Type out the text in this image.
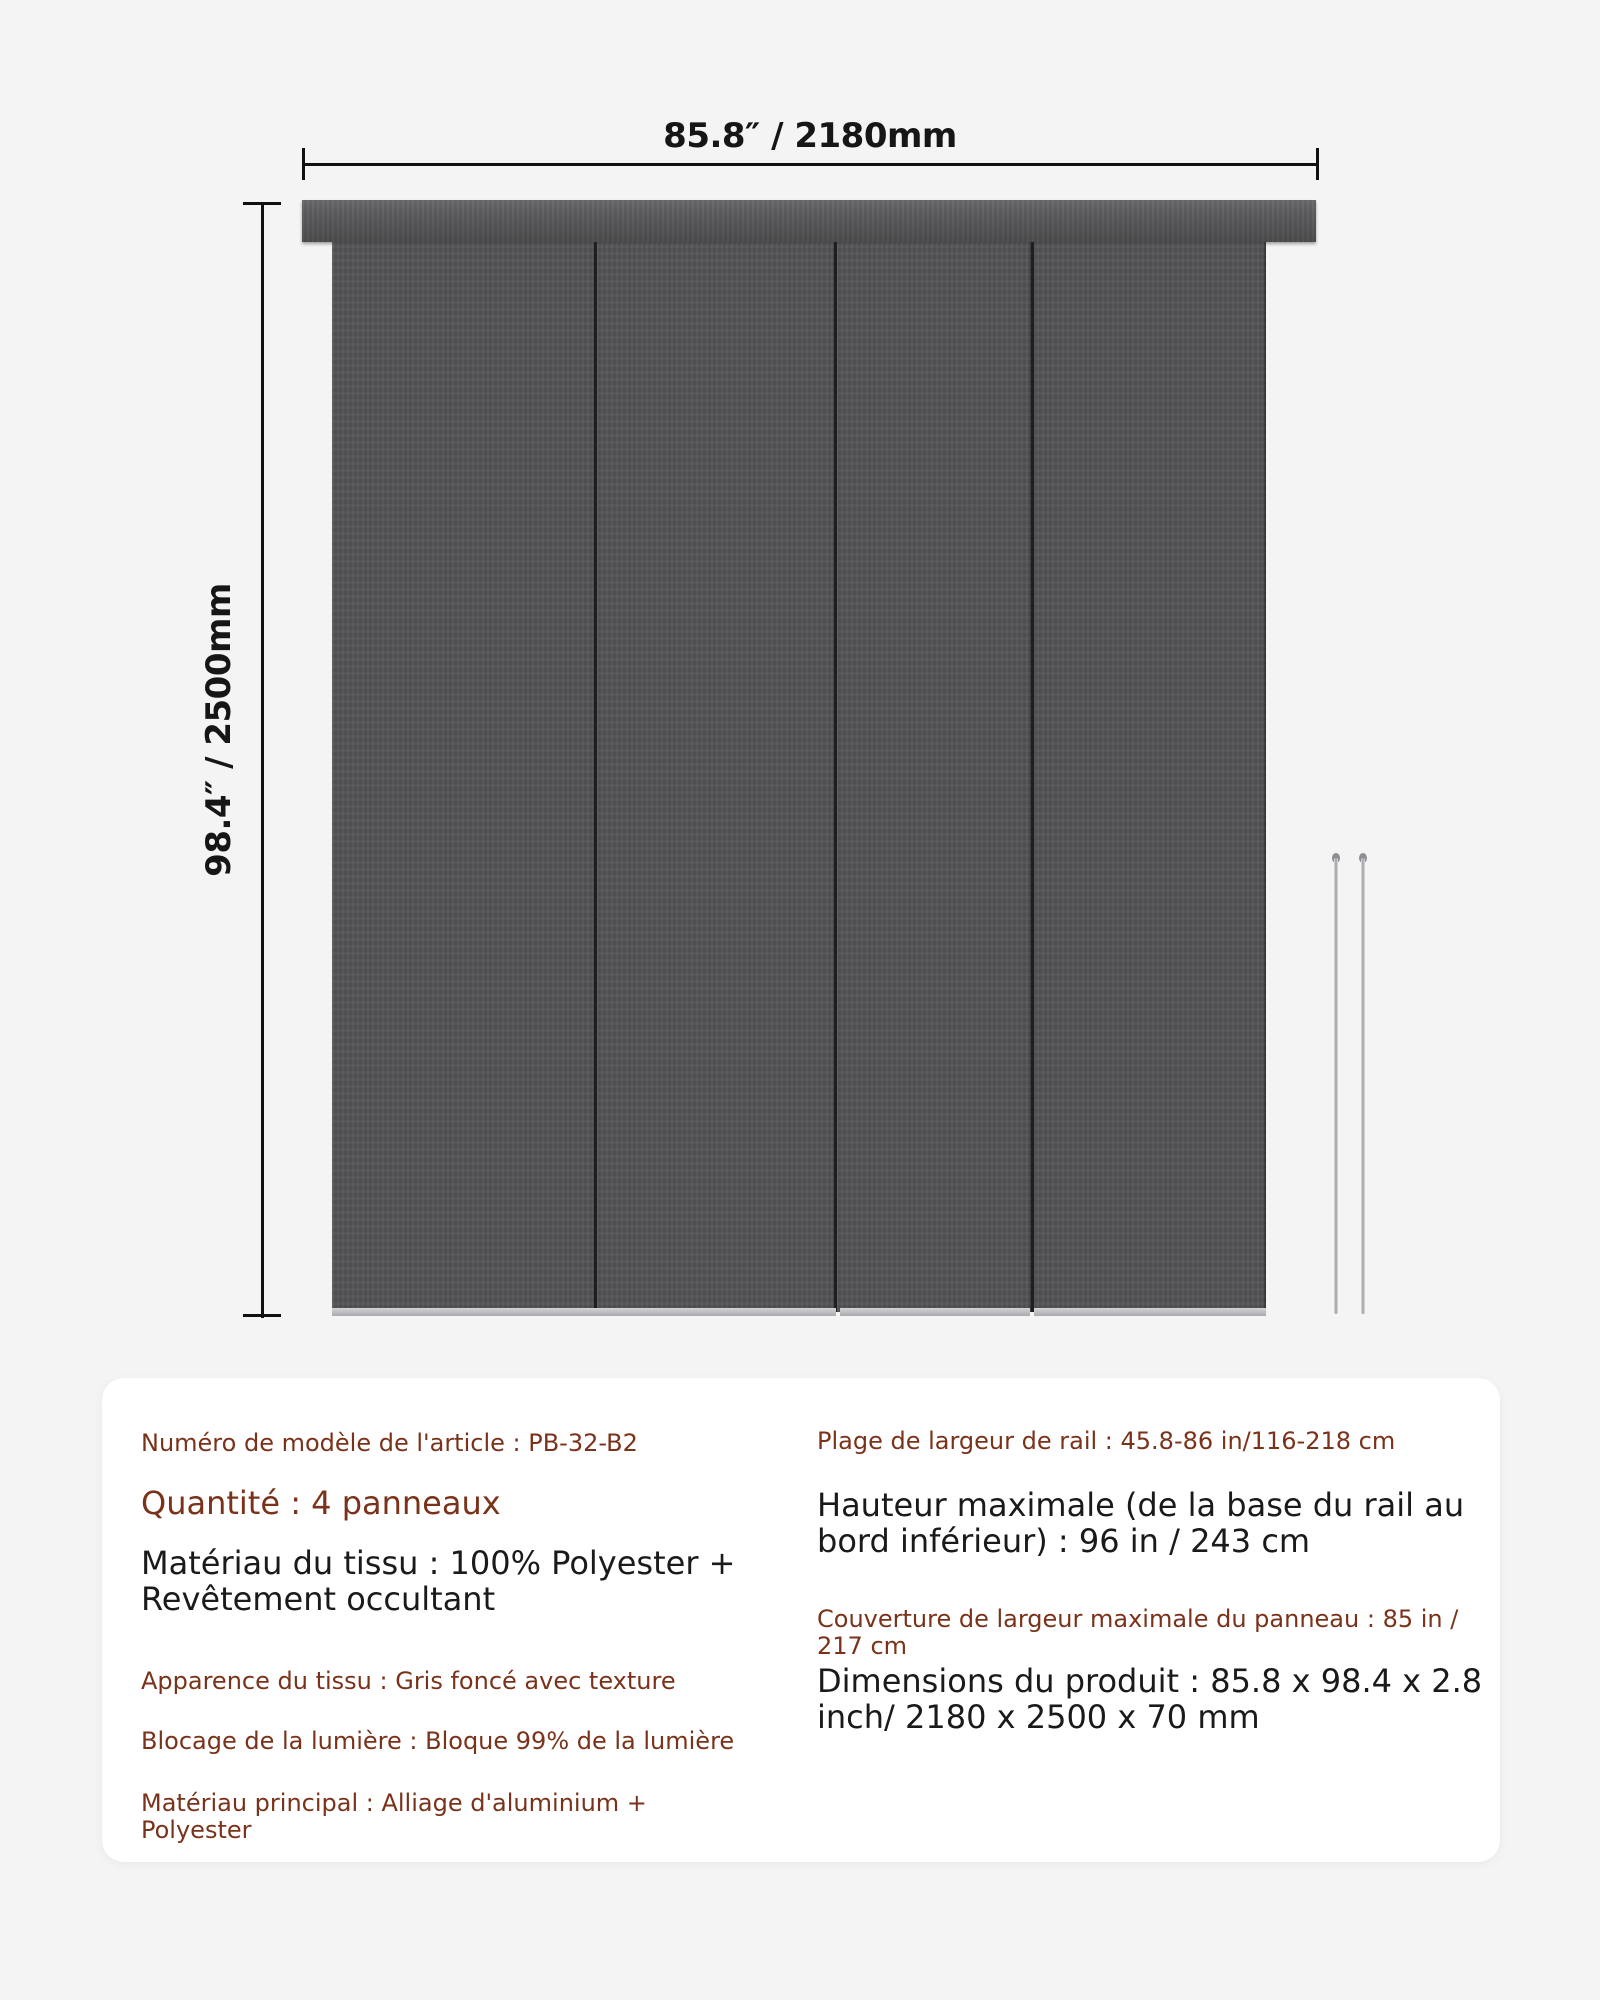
85.8″ / 2180mm
98.4″ / 2500mm

Numéro de modèle de l'article : PB-32-B2

Quantité : 4 panneaux

Matériau du tissu : 100% Polyester + Revêtement occultant

Apparence du tissu : Gris foncé avec texture

Blocage de la lumière : Bloque 99% de la lumière

Matériau principal : Alliage d'aluminium + Polyester

Plage de largeur de rail : 45.8-86 in/116-218 cm

Hauteur maximale (de la base du rail au bord inférieur) : 96 in / 243 cm

Couverture de largeur maximale du panneau : 85 in / 217 cm

Dimensions du produit : 85.8 x 98.4 x 2.8 inch/ 2180 x 2500 x 70 mm
